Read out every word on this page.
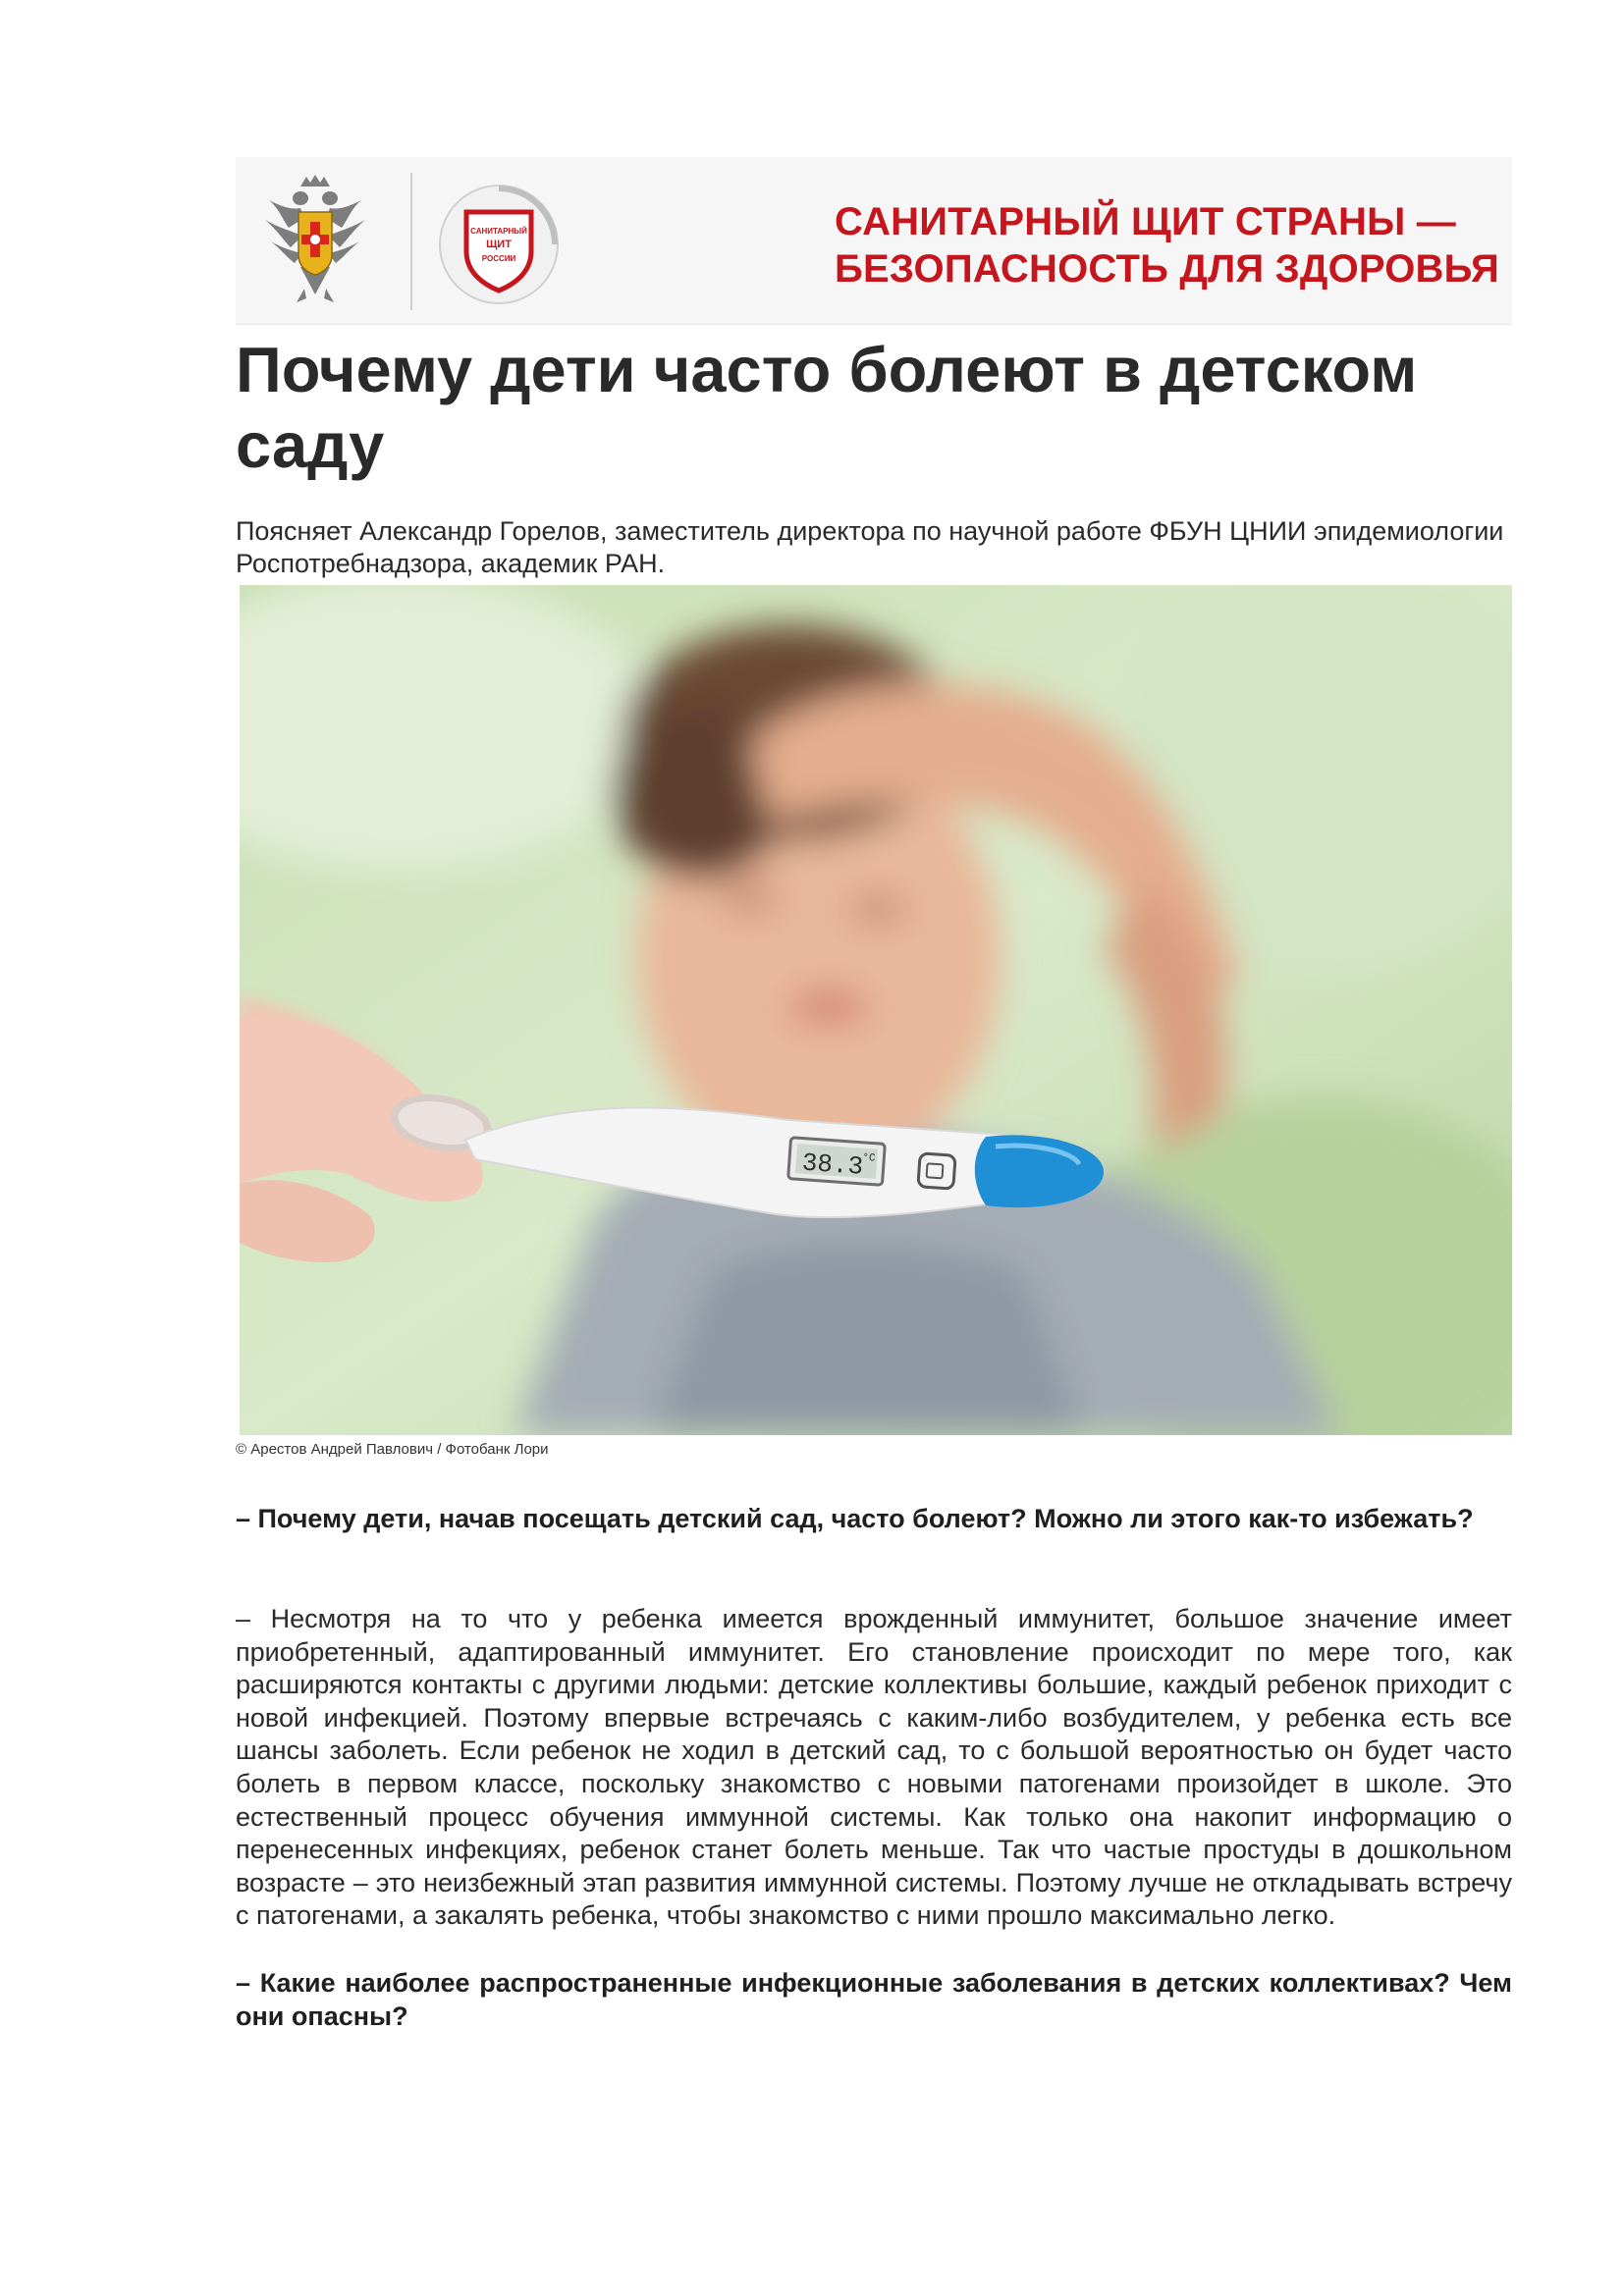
САНИТАРНЫЙ
ЩИТ
РОССИИ
САНИТАРНЫЙ ЩИТ СТРАНЫ —
БЕЗОПАСНОСТЬ ДЛЯ ЗДОРОВЬЯ
Почему дети часто болеют в детском саду
Поясняет Александр Горелов, заместитель директора по научной работе ФБУН ЦНИИ эпидемиологии Роспотребнадзора, академик РАН.
38.3
°C
© Арестов Андрей Павлович / Фотобанк Лори
– Почему дети, начав посещать детский сад, часто болеют? Можно ли этого как-то избежать?
– Несмотря на то что у ребенка имеется врожденный иммунитет, большое значение имеет приобретенный, адаптированный иммунитет. Его становление происходит по мере того, как расширяются контакты с другими людьми: детские коллективы большие, каждый ребенок приходит с новой инфекцией. Поэтому впервые встречаясь с каким-либо возбудителем, у ребенка есть все шансы заболеть. Если ребенок не ходил в детский сад, то с большой вероятностью он будет часто болеть в первом классе, поскольку знакомство с новыми патогенами произойдет в школе. Это естественный процесс обучения иммунной системы. Как только она накопит информацию о перенесенных инфекциях, ребенок станет болеть меньше. Так что частые простуды в дошкольном возрасте – это неизбежный этап развития иммунной системы. Поэтому лучше не откладывать встречу с патогенами, а закалять ребенка, чтобы знакомство с ними прошло максимально легко.
– Какие наиболее распространенные инфекционные заболевания в детских коллективах? Чем они опасны?
